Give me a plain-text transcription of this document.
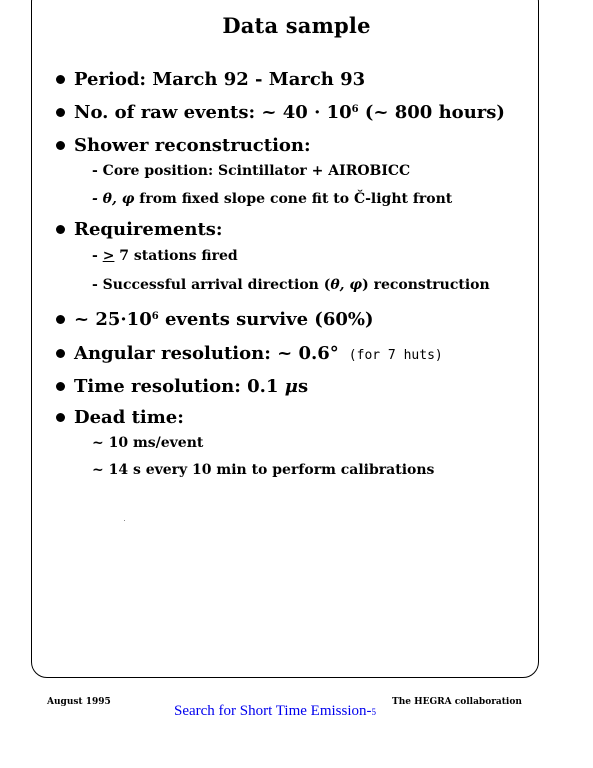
Data sample
Period: March 92 - March 93
No. of raw events: ~ $40 \cdot 10^6$ (~ 800 hours)
Shower reconstruction:
- Core position: Scintillator + AIROBICC
- θ, φ from fixed slope cone fit to Č-light front
Requirements:
- > 7 stations fired
- Successful arrival direction (θ, φ) reconstruction
~ $25\cdot 10^6$ events survive (60%)
Angular resolution: ~ 0.6° (for 7 huts)
Time resolution: 0.1 μs
Dead time:
~ 10 ms/event
~ 14 s every 10 min to perform calibrations
August 1995	The HEGRA collaboration
Search for Short Time Emission-5
